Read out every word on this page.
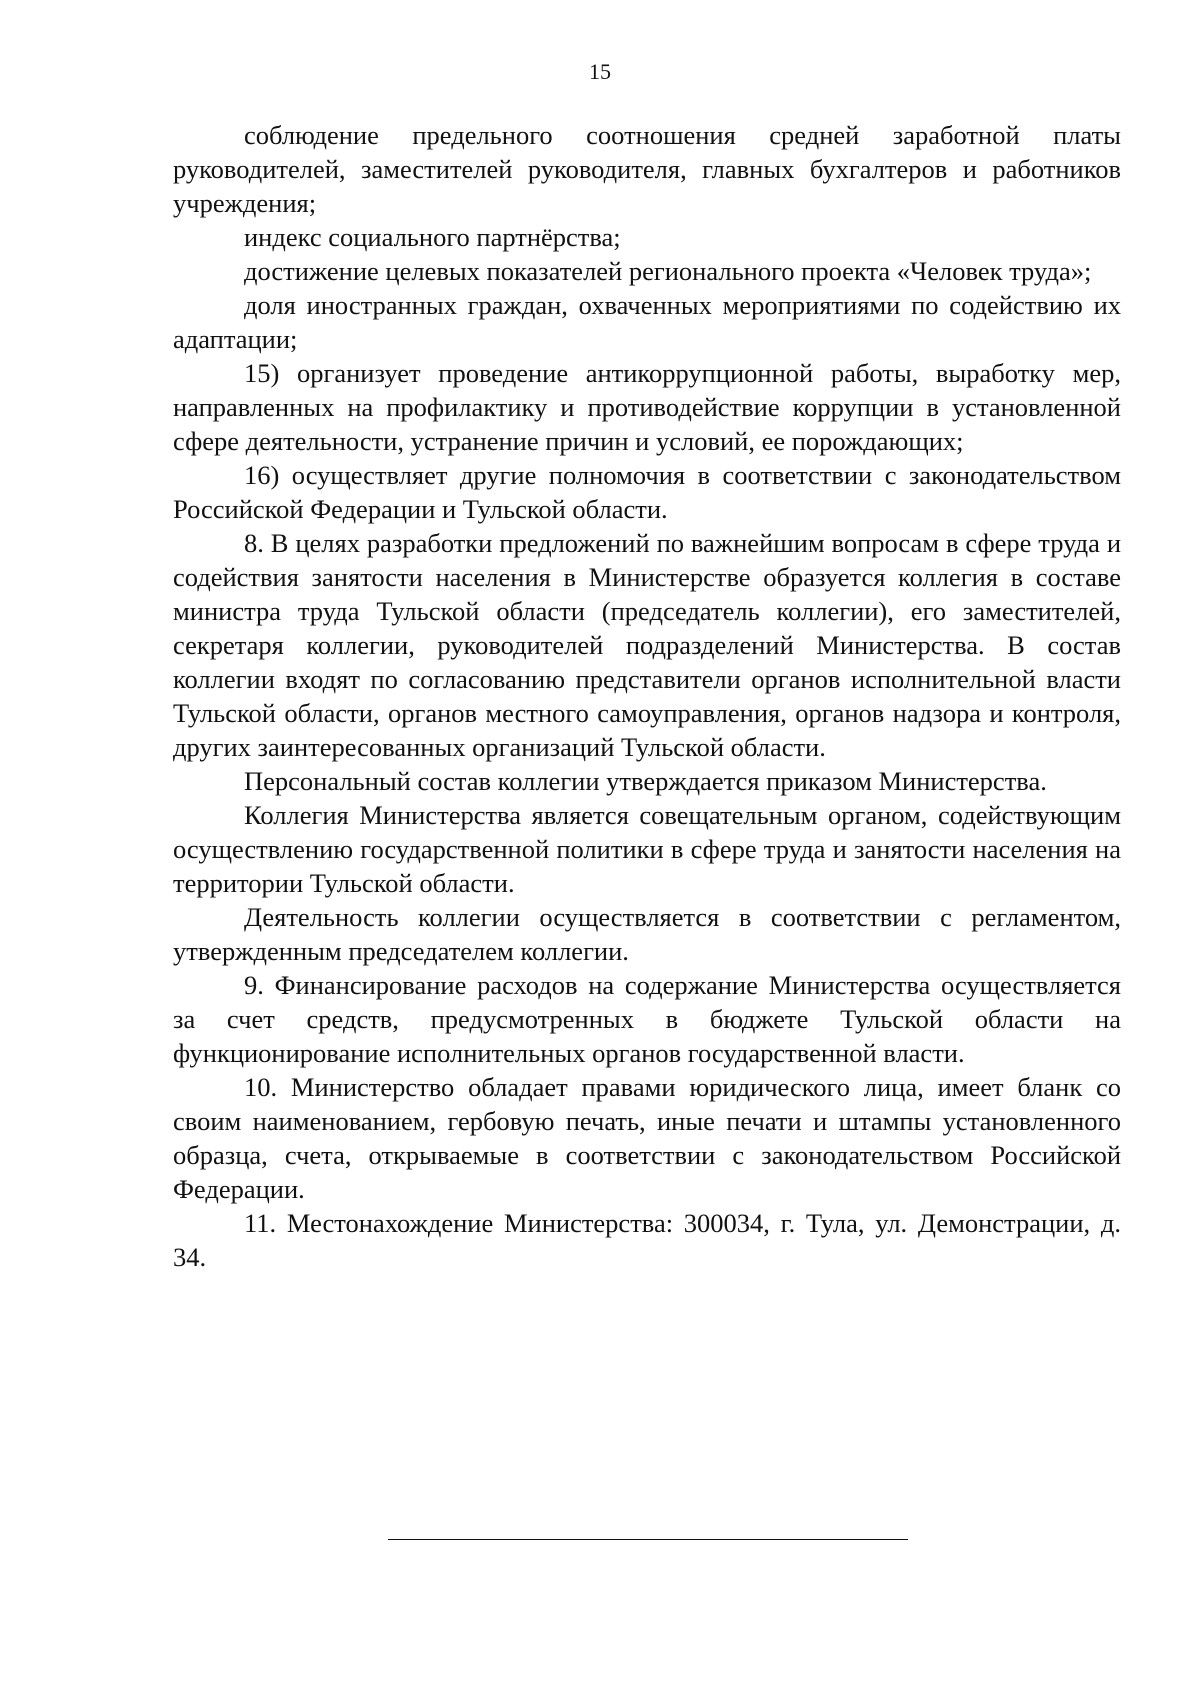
15

соблюдение предельного соотношения средней заработной платы руководителей, заместителей руководителя, главных бухгалтеров и работников учреждения;

индекс социального партнёрства;

достижение целевых показателей регионального проекта «Человек труда»;

доля иностранных граждан, охваченных мероприятиями по содействию их адаптации;

15) организует проведение антикоррупционной работы, выработку мер, направленных на профилактику и противодействие коррупции в установленной сфере деятельности, устранение причин и условий, ее порождающих;

16) осуществляет другие полномочия в соответствии с законодательством Российской Федерации и Тульской области.

8. В целях разработки предложений по важнейшим вопросам в сфере труда и содействия занятости населения в Министерстве образуется коллегия в составе министра труда Тульской области (председатель коллегии), его заместителей, секретаря коллегии, руководителей подразделений Министерства. В состав коллегии входят по согласованию представители органов исполнительной власти Тульской области, органов местного самоуправления, органов надзора и контроля, других заинтересованных организаций Тульской области.

Персональный состав коллегии утверждается приказом Министерства.

Коллегия Министерства является совещательным органом, содействующим осуществлению государственной политики в сфере труда и занятости населения на территории Тульской области.

Деятельность коллегии осуществляется в соответствии с регламентом, утвержденным председателем коллегии.

9. Финансирование расходов на содержание Министерства осуществляется за счет средств, предусмотренных в бюджете Тульской области на функционирование исполнительных органов государственной власти.

10. Министерство обладает правами юридического лица, имеет бланк со своим наименованием, гербовую печать, иные печати и штампы установленного образца, счета, открываемые в соответствии с законодательством Российской Федерации.

11. Местонахождение Министерства: 300034, г. Тула, ул. Демонстрации, д. 34.
